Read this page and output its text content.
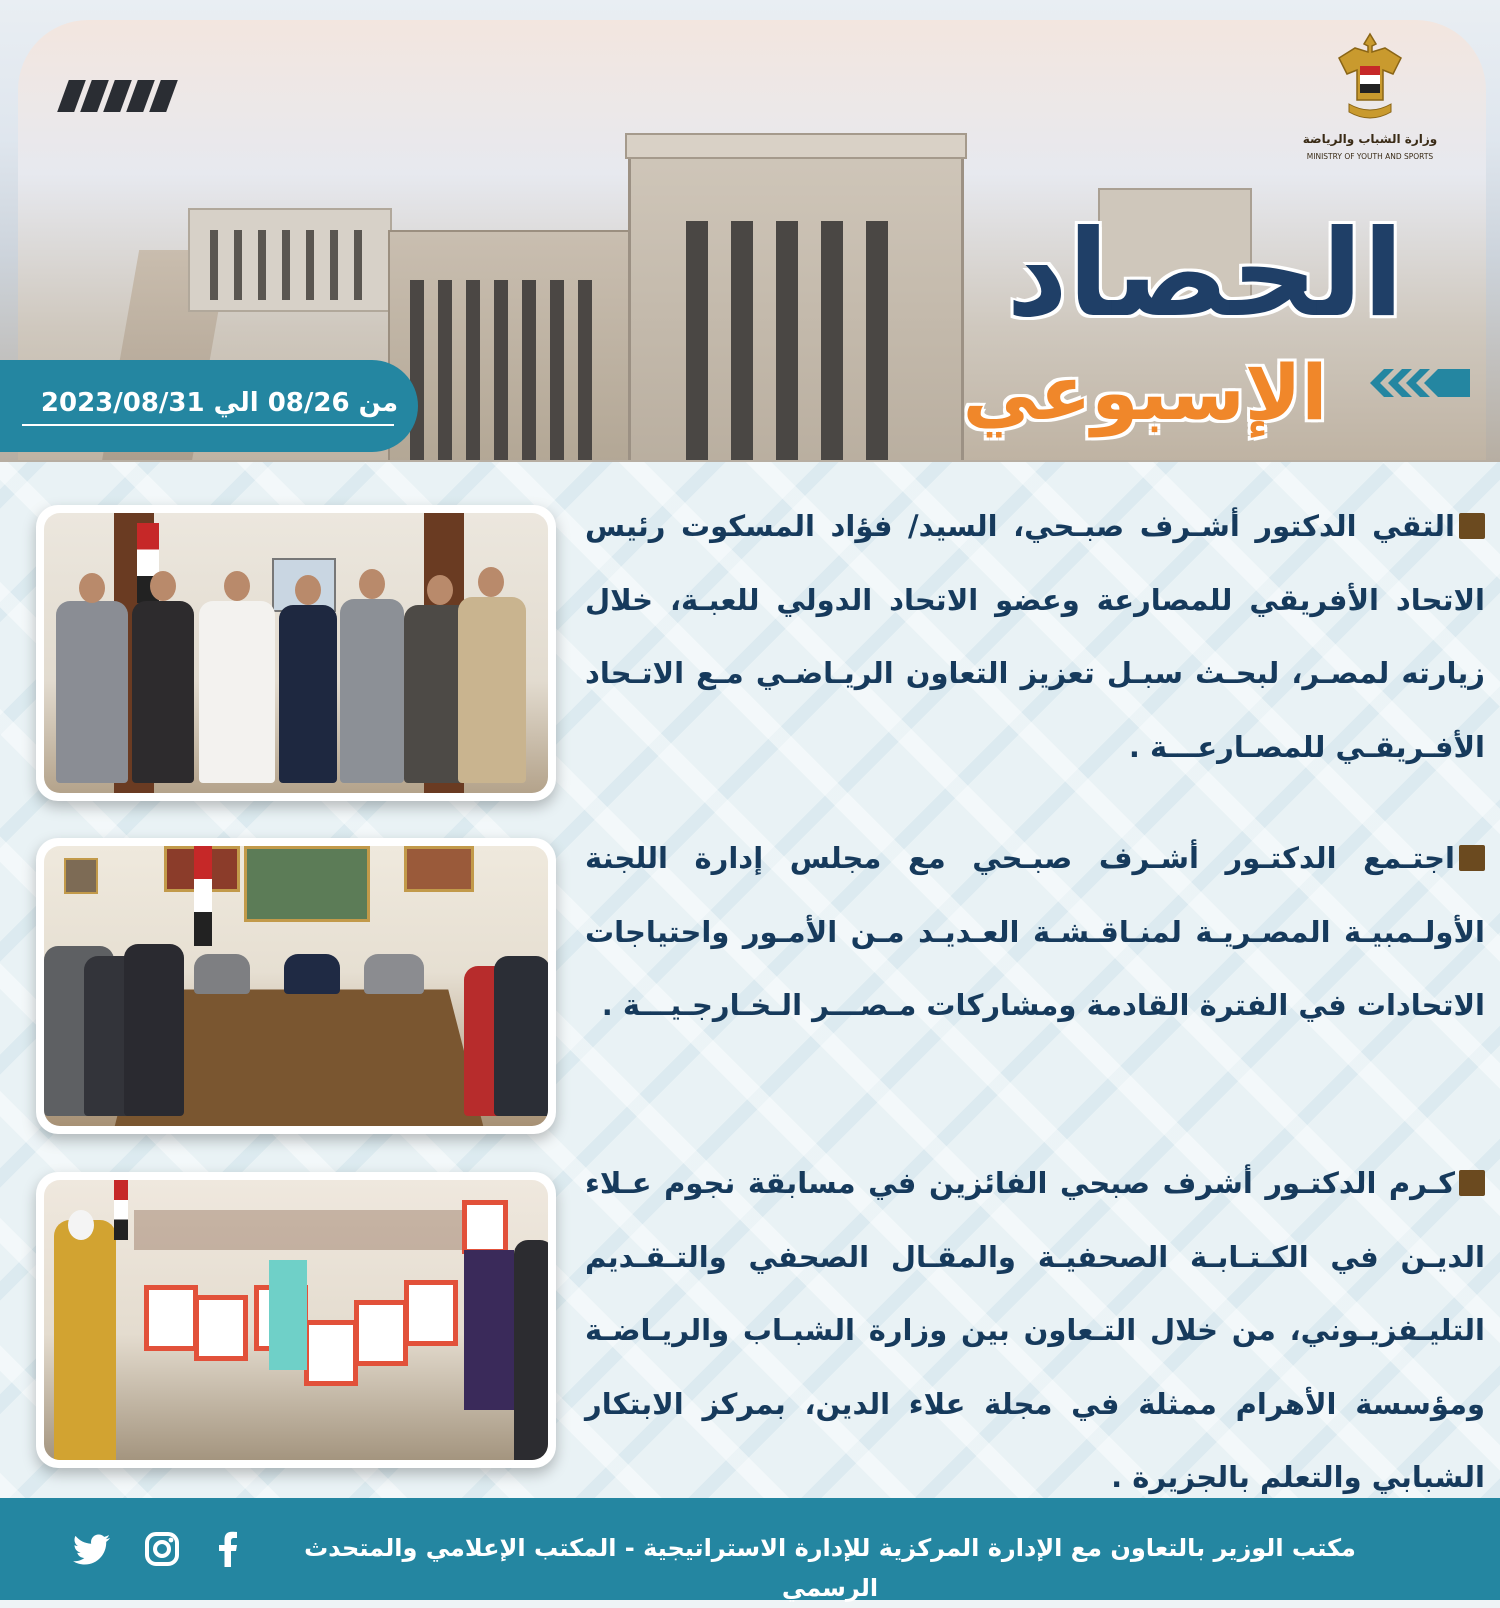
وزارة الشباب والرياضة
MINISTRY OF YOUTH AND SPORTS
الحصاد
الإسبوعي
من 08/26 الي 2023/08/31
التقي الدكتور أشـرف صبـحي، السيد/ فؤاد المسكوت رئيس الاتحاد الأفريقي للمصارعة وعضو الاتحاد الدولي للعبـة، خلال زيارته لمصـر، لبحـث سبـل تعزيز التعاون الريـاضـي مـع الاتـحاد الأفـريقـي للمصـارعـــة .
اجتـمع الدكتـور أشـرف صبـحي مع مجلس إدارة اللجنة الأولـمبيـة المصـريـة لمنـاقـشـة العـديـد مـن الأمـور واحتياجات الاتحادات في الفترة القادمة ومشاركات مـصـــر الـخـارجـيـــة .
كـرم الدكتـور أشرف صبحي الفائزين في مسابقة نجوم عـلاء الديـن في الكـتـابـة الصحفيـة والمقـال الصحفي والتـقـديم التليـفزيـوني، من خلال التـعاون بين وزارة الشبـاب والريـاضـة ومؤسسة الأهرام ممثلة في مجلة علاء الدين، بمركز الابتكار الشبابي والتعلم بالجزيرة .
مكتب الوزير بالتعاون مع الإدارة المركزية للإدارة الاستراتيجية - المكتب الإعلامي والمتحدث الرسمي
